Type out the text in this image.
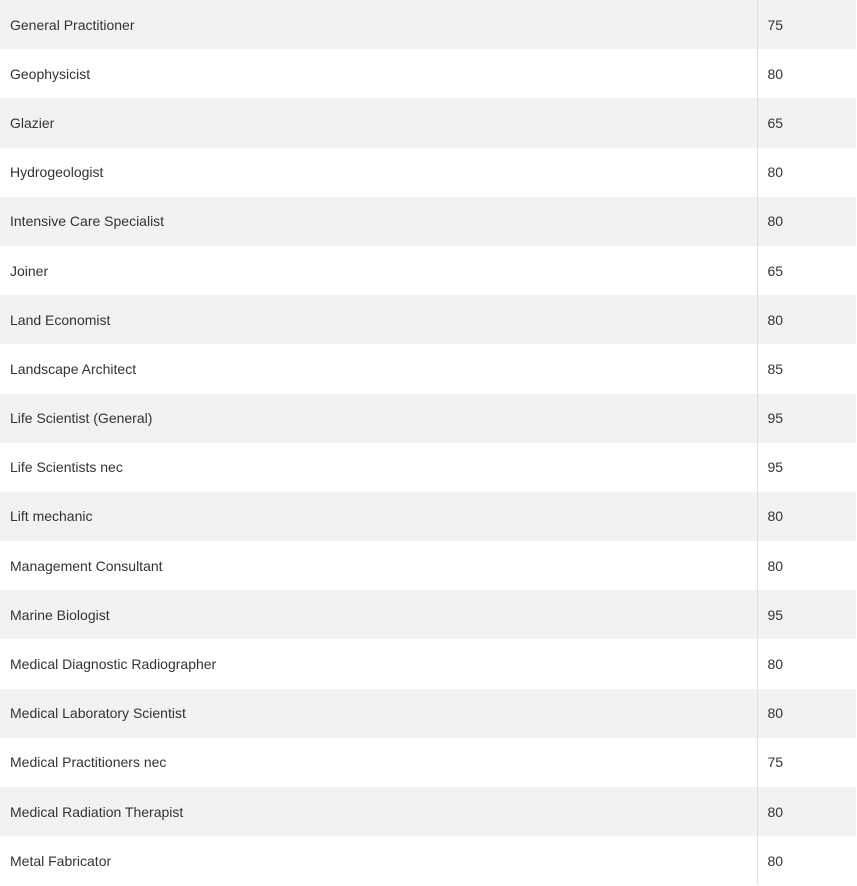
General Practitioner	75
Geophysicist	80
Glazier	65
Hydrogeologist	80
Intensive Care Specialist	80
Joiner	65
Land Economist	80
Landscape Architect	85
Life Scientist (General)	95
Life Scientists nec	95
Lift mechanic	80
Management Consultant	80
Marine Biologist	95
Medical Diagnostic Radiographer	80
Medical Laboratory Scientist	80
Medical Practitioners nec	75
Medical Radiation Therapist	80
Metal Fabricator	80
